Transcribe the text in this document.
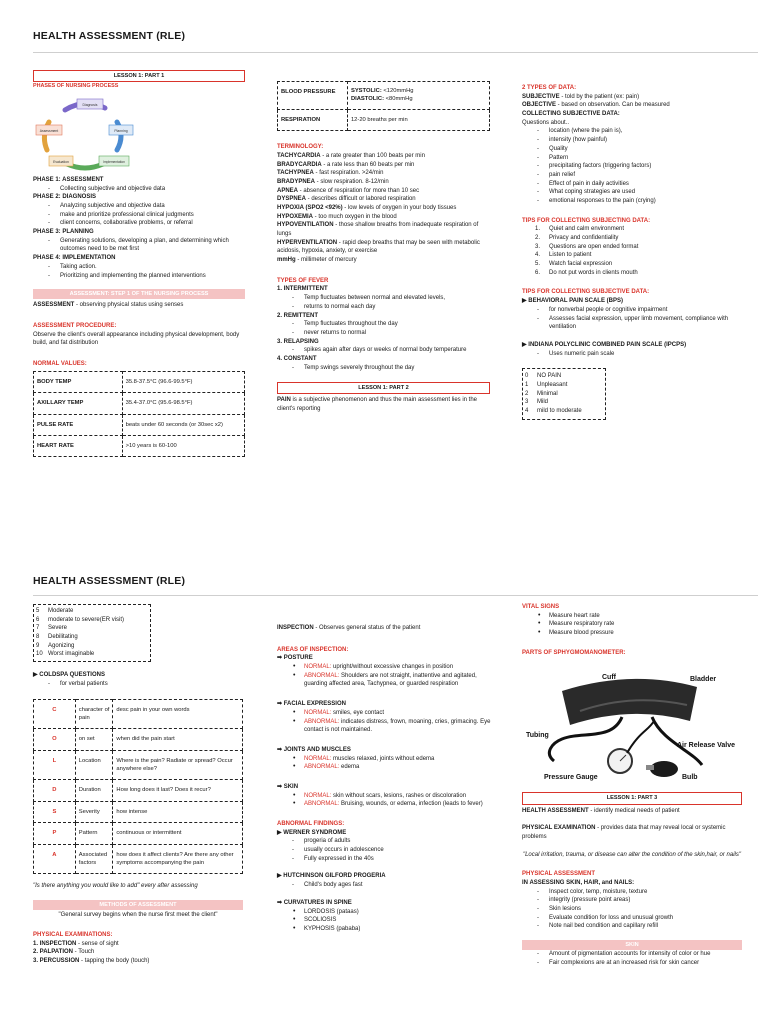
HEALTH ASSESSMENT (RLE)
LESSON 1: PART 1
PHASES OF NURSING PROCESS
Diagnosis
Planning
Implementation
Evaluation
Assessment
PHASE 1: ASSESSMENT
- Collecting subjective and objective data
PHASE 2: DIAGNOSIS
- Analyzing subjective and objective data
- make and prioritize professional clinical judgments
- client concerns, collaborative problems, or referral
PHASE 3: PLANNING
- Generating solutions, developing a plan, and determining which outcomes need to be met first
PHASE 4: IMPLEMENTATION
- Taking action.
- Prioritizing and implementing the planned interventions
ASSESSMENT: STEP 1 OF THE NURSING PROCESS
ASSESSMENT - observing physical status using senses
ASSESSMENT PROCEDURE:
Observe the client's overall appearance including physical development, body build, and fat distribution
NORMAL VALUES:
BODY TEMP	35.8-37.5°C (96.6-99.5°F)
AXILLARY TEMP	35.4-37.0°C (95.6-98.5°F)
PULSE RATE	beats under 60 seconds (or 30sec x2)
HEART RATE	>10 years is 60-100
BLOOD PRESSURE	SYSTOLIC: <120mmHg
DIASTOLIC: <80mmHg

RESPIRATION	12-20 breaths per min
TERMINOLOGY:
TACHYCARDIA - a rate greater than 100 beats per min
BRADYCARDIA - a rate less than 60 beats per min
TACHYPNEA - fast respiration. >24/min
BRADYPNEA - slow respiration. 8-12/min
APNEA - absence of respiration for more than 10 sec
DYSPNEA - describes difficult or labored respiration
HYPOXIA (SPO2 <92%) - low levels of oxygen in your body tissues
HYPOXEMIA - too much oxygen in the blood
HYPOVENTILATION - those shallow breaths from inadequate respiration of lungs
HYPERVENTILATION - rapid deep breaths that may be seen with metabolic acidosis, hypoxia, anxiety, or exercise
mmHg - millimeter of mercury
TYPES OF FEVER
1. INTERMITTENT
- Temp fluctuates between normal and elevated levels,
- returns to normal each day
2. REMITTENT
- Temp fluctuates throughout the day
- never returns to normal
3. RELAPSING
- spikes again after days or weeks of normal body temperature
4. CONSTANT
- Temp swings severely throughout the day
LESSON 1: PART 2
PAIN is a subjective phenomenon and thus the main assessment lies in the client's reporting
2 TYPES OF DATA:
SUBJECTIVE - told by the patient (ex: pain)
OBJECTIVE - based on observation. Can be measured
COLLECTING SUBJECTIVE DATA:
Questions about..
- location (where the pain is),
- intensity (how painful)
- Quality
- Pattern
- precipitating factors (triggering factors)
- pain relief
- Effect of pain in daily activities
- What coping strategies are used
- emotional responses to the pain (crying)
TIPS FOR COLLECTING SUBJECTING DATA:
1. Quiet and calm environment
2. Privacy and confidentiality
3. Questions are open ended format
4. Listen to patient
5. Watch facial expression
6. Do not put words in clients mouth
TIPS FOR COLLECTING SUBJECTIVE DATA:
▶ BEHAVIORAL PAIN SCALE (BPS)
- for nonverbal people or cognitive impairment
- Assesses facial expression, upper limb movement, compliance with ventilation
▶ INDIANA POLYCLINIC COMBINED PAIN SCALE (IPCPS)
- Uses numeric pain scale
0	NO PAIN
1	Unpleasant
2	Minimal
3	Mild
4	mild to moderate
HEALTH ASSESSMENT (RLE)
5	Moderate
6	moderate to severe(ER visit)
7	Severe
8	Debilitating
9	Agonizing
10 Worst imaginable
▶ COLDSPA QUESTIONS
- for verbal patients
C	character of pain	desc pain in your own words
O	on set	when did the pain start
L	Location	Where is the pain? Radiate or spread? Occur anywhere else?
D	Duration	How long does it last? Does it recur?
S	Severity	how intense
P	Pattern	continuous or intermittent
A	Associated factors	how does it affect clients? Are there any other symptoms accompanying the pain
"Is there anything you would like to add" every after assessing
METHODS OF ASSESSMENT
"General survey begins when the nurse first meet the client"
PHYSICAL EXAMINATIONS:
1. INSPECTION - sense of sight
2. PALPATION - Touch
3. PERCUSSION - tapping the body (touch)
INSPECTION - Observes general status of the patient
AREAS OF INSPECTION:
➡ POSTURE
• NORMAL: upright/without excessive changes in position
• ABNORMAL: Shoulders are not straight, inattentive and agitated, guarding affected area, Tachypnea, or guarded respiration
➡ FACIAL EXPRESSION
• NORMAL: smiles, eye contact
• ABNORMAL: indicates distress, frown, moaning, cries, grimacing. Eye contact is not maintained.
➡ JOINTS AND MUSCLES
• NORMAL: muscles relaxed, joints without edema
• ABNORMAL: edema
➡ SKIN
• NORMAL: skin without scars, lesions, rashes or discoloration
• ABNORMAL: Bruising, wounds, or edema, infection (leads to fever)
ABNORMAL FINDINGS:
▶ WERNER SYNDROME
- progeria of adults
- usually occurs in adolescence
- Fully expressed in the 40s
▶ HUTCHINSON GILFORD PROGERIA
- Child's body ages fast
➡ CURVATURES IN SPINE
• LORDOSIS (pataas)
• SCOLIOSIS
• KYPHOSIS (pababa)
VITAL SIGNS
• Measure heart rate
• Measure respiratory rate
• Measure blood pressure
PARTS OF SPHYGMOMANOMETER:
Cuff	Bladder
Tubing
Air Release Valve
Pressure Gauge	Bulb
LESSON 1: PART 3
HEALTH ASSESSMENT - identify medical needs of patient
PHYSICAL EXAMINATION - provides data that may reveal local or systemic problems
"Local irritation, trauma, or disease can alter the condition of the skin,hair, or nails"
PHYSICAL ASSESSMENT
IN ASSESSING SKIN, HAIR, and NAILS:
- Inspect color, temp, moisture, texture
- integrity (pressure point areas)
- Skin lesions
- Evaluate condition for loss and unusual growth
- Note nail bed condition and capillary refill
SKIN
- Amount of pigmentation accounts for intensity of color or hue
- Fair complexions are at an increased risk for skin cancer
